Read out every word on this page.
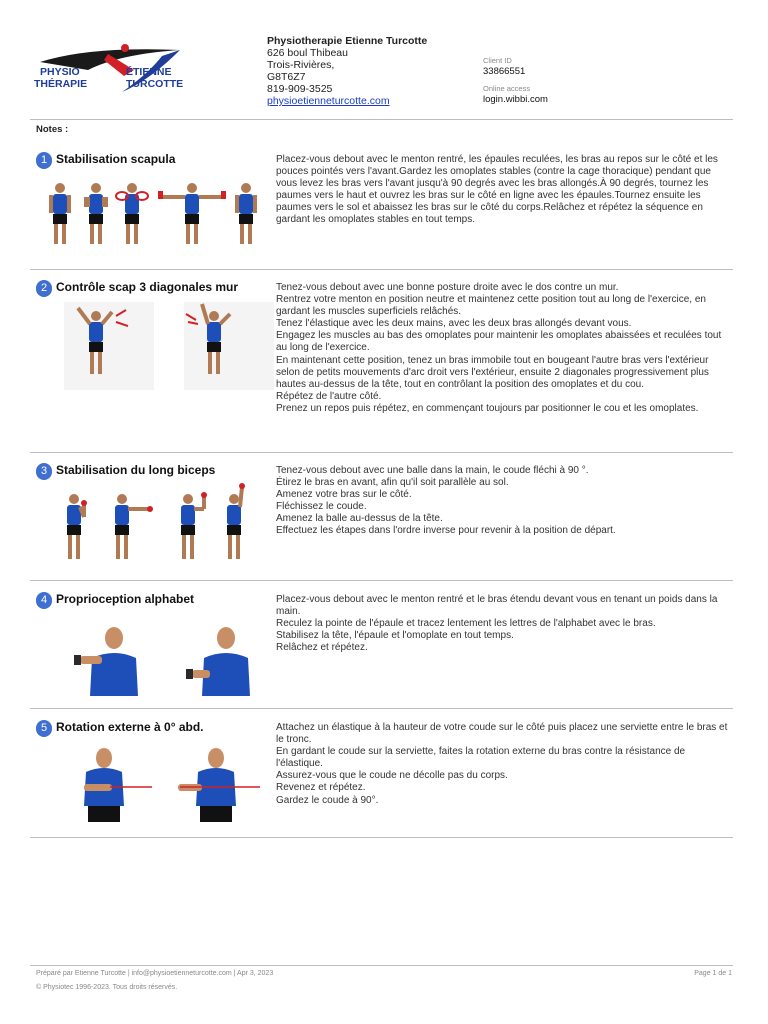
PHYSIO
THÉRAPIE
ÉTIENNE
TURCOTTE
Physiotherapie Etienne Turcotte
626 boul Thibeau
Trois-Rivières,
G8T6Z7
819-909-3525
physioetienneturcotte.com
Client ID
33866551
Online access
login.wibbi.com
Notes :
1 Stabilisation scapula	Placez-vous debout avec le menton rentré, les épaules reculées, les bras au repos sur le côté et les pouces pointés vers l'avant.Gardez les omoplates stables (contre la cage thoracique) pendant que vous levez les bras vers l'avant jusqu'à 90 degrés avec les bras allongés.À 90 degrés, tournez les paumes vers le haut et ouvrez les bras sur le côté en ligne avec les épaules.Tournez ensuite les paumes vers le sol et abaissez les bras sur le côté du corps.Relâchez et répétez la séquence en gardant les omoplates stables en tout temps.

2 Contrôle scap 3 diagonales mur	Tenez-vous debout avec une bonne posture droite avec le dos contre un mur.

Rentrez votre menton en position neutre et maintenez cette position tout au long de l'exercice, en gardant les muscles superficiels relâchés.

Tenez l'élastique avec les deux mains, avec les deux bras allongés devant vous.

Engagez les muscles au bas des omoplates pour maintenir les omoplates abaissées et reculées tout au long de l'exercice.

En maintenant cette position, tenez un bras immobile tout en bougeant l'autre bras vers l'extérieur selon de petits mouvements d'arc droit vers l'extérieur, ensuite 2 diagonales progressivement plus hautes au-dessus de la tête, tout en contrôlant la position des omoplates et du cou.

Répétez de l'autre côté.

Prenez un repos puis répétez, en commençant toujours par positionner le cou et les omoplates.

3 Stabilisation du long biceps	Tenez-vous debout avec une balle dans la main, le coude fléchi à 90 °.

Étirez le bras en avant, afin qu'il soit parallèle au sol.

Amenez votre bras sur le côté.

Fléchissez le coude.

Amenez la balle au-dessus de la tête.

Effectuez les étapes dans l'ordre inverse pour revenir à la position de départ.

4 Proprioception alphabet	Placez-vous debout avec le menton rentré et le bras étendu devant vous en tenant un poids dans la main.

Reculez la pointe de l'épaule et tracez lentement les lettres de l'alphabet avec le bras.

Stabilisez la tête, l'épaule et l'omoplate en tout temps.

Relâchez et répétez.

5 Rotation externe à 0° abd.	Attachez un élastique à la hauteur de votre coude sur le côté puis placez une serviette entre le bras et le tronc.

En gardant le coude sur la serviette, faites la rotation externe du bras contre la résistance de l'élastique.

Assurez-vous que le coude ne décolle pas du corps.

Revenez et répétez.

Gardez le coude à 90°.

Préparé par Etienne Turcotte | info@physioetienneturcotte.com | Apr 3, 2023
© Physiotec 1996-2023. Tous droits réservés.
Page 1 de 1
